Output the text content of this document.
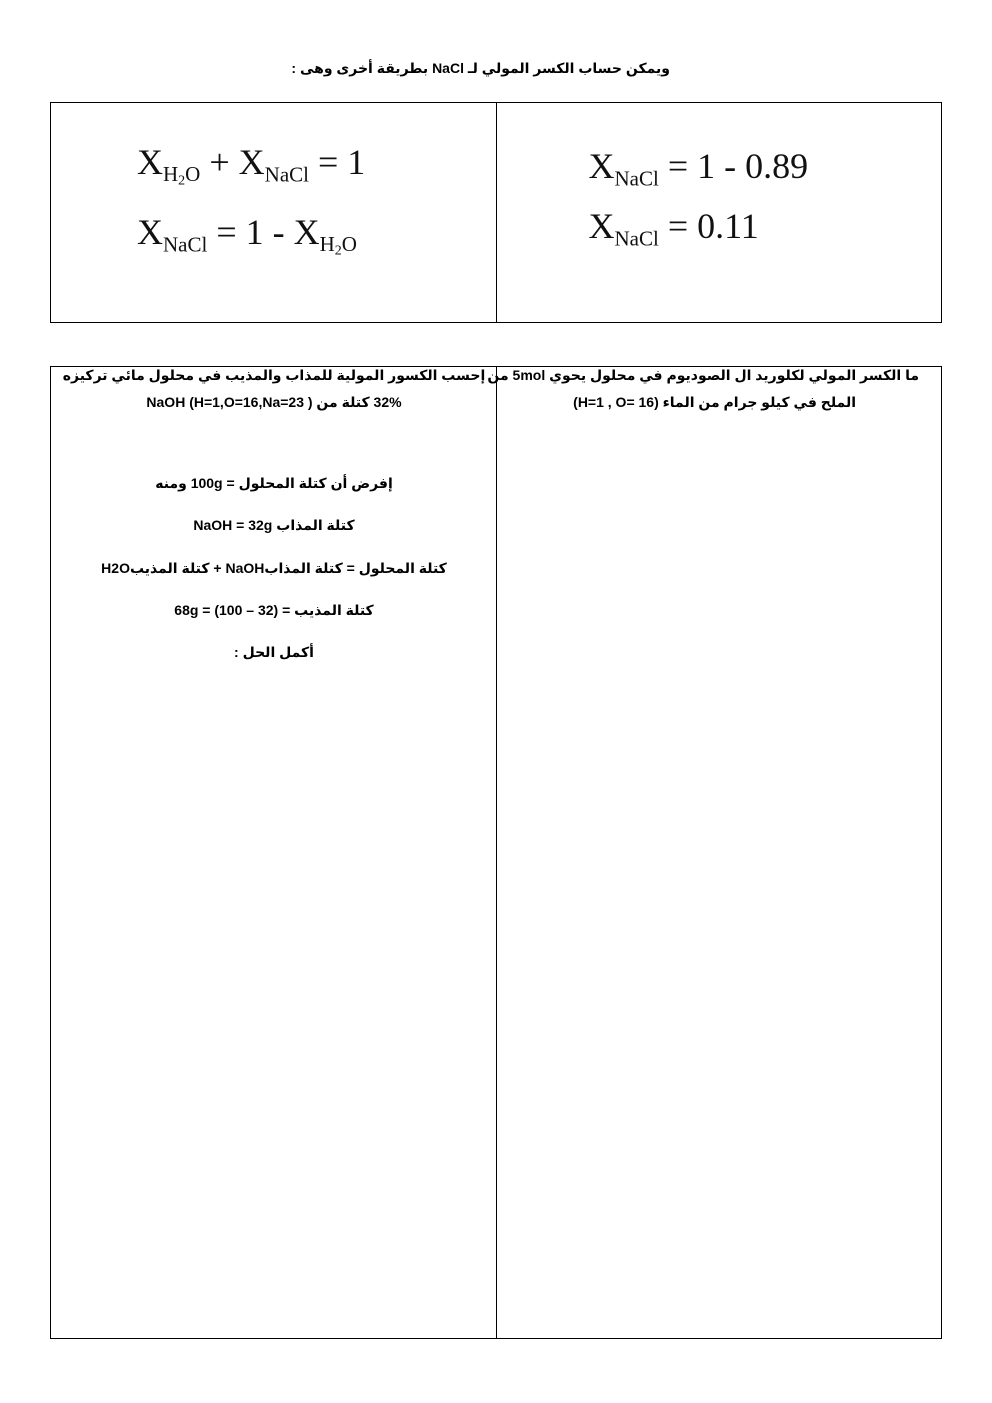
ويمكن حساب الكسر المولي لـ NaCl بطريقة أخرى وهى :
$X_{H_2O} + X_{NaCl} = 1$
$X_{NaCl} = 1 - X_{H_2O}$
$X_{NaCl} = 1 - 0.89$
$X_{NaCl} = 0.11$
إحسب الكسور المولية للمذاب والمذيب في محلول مائي تركيزه
32% كتلة من NaOH (H=1,O=16,Na=23 )
إفرض أن كتلة المحلول = 100g ومنه
كتلة المذاب NaOH = 32g
كتلة المحلول = كتلة المذابNaOH + كتلة المذيبH2O
كتلة المذيب = 68g = (100 – 32)
أكمل الحل :
ما الكسر المولي لكلوريد ال الصوديوم في محلول يحوي 5mol من
الملح في كيلو جرام من الماء (H=1 , O= 16)
